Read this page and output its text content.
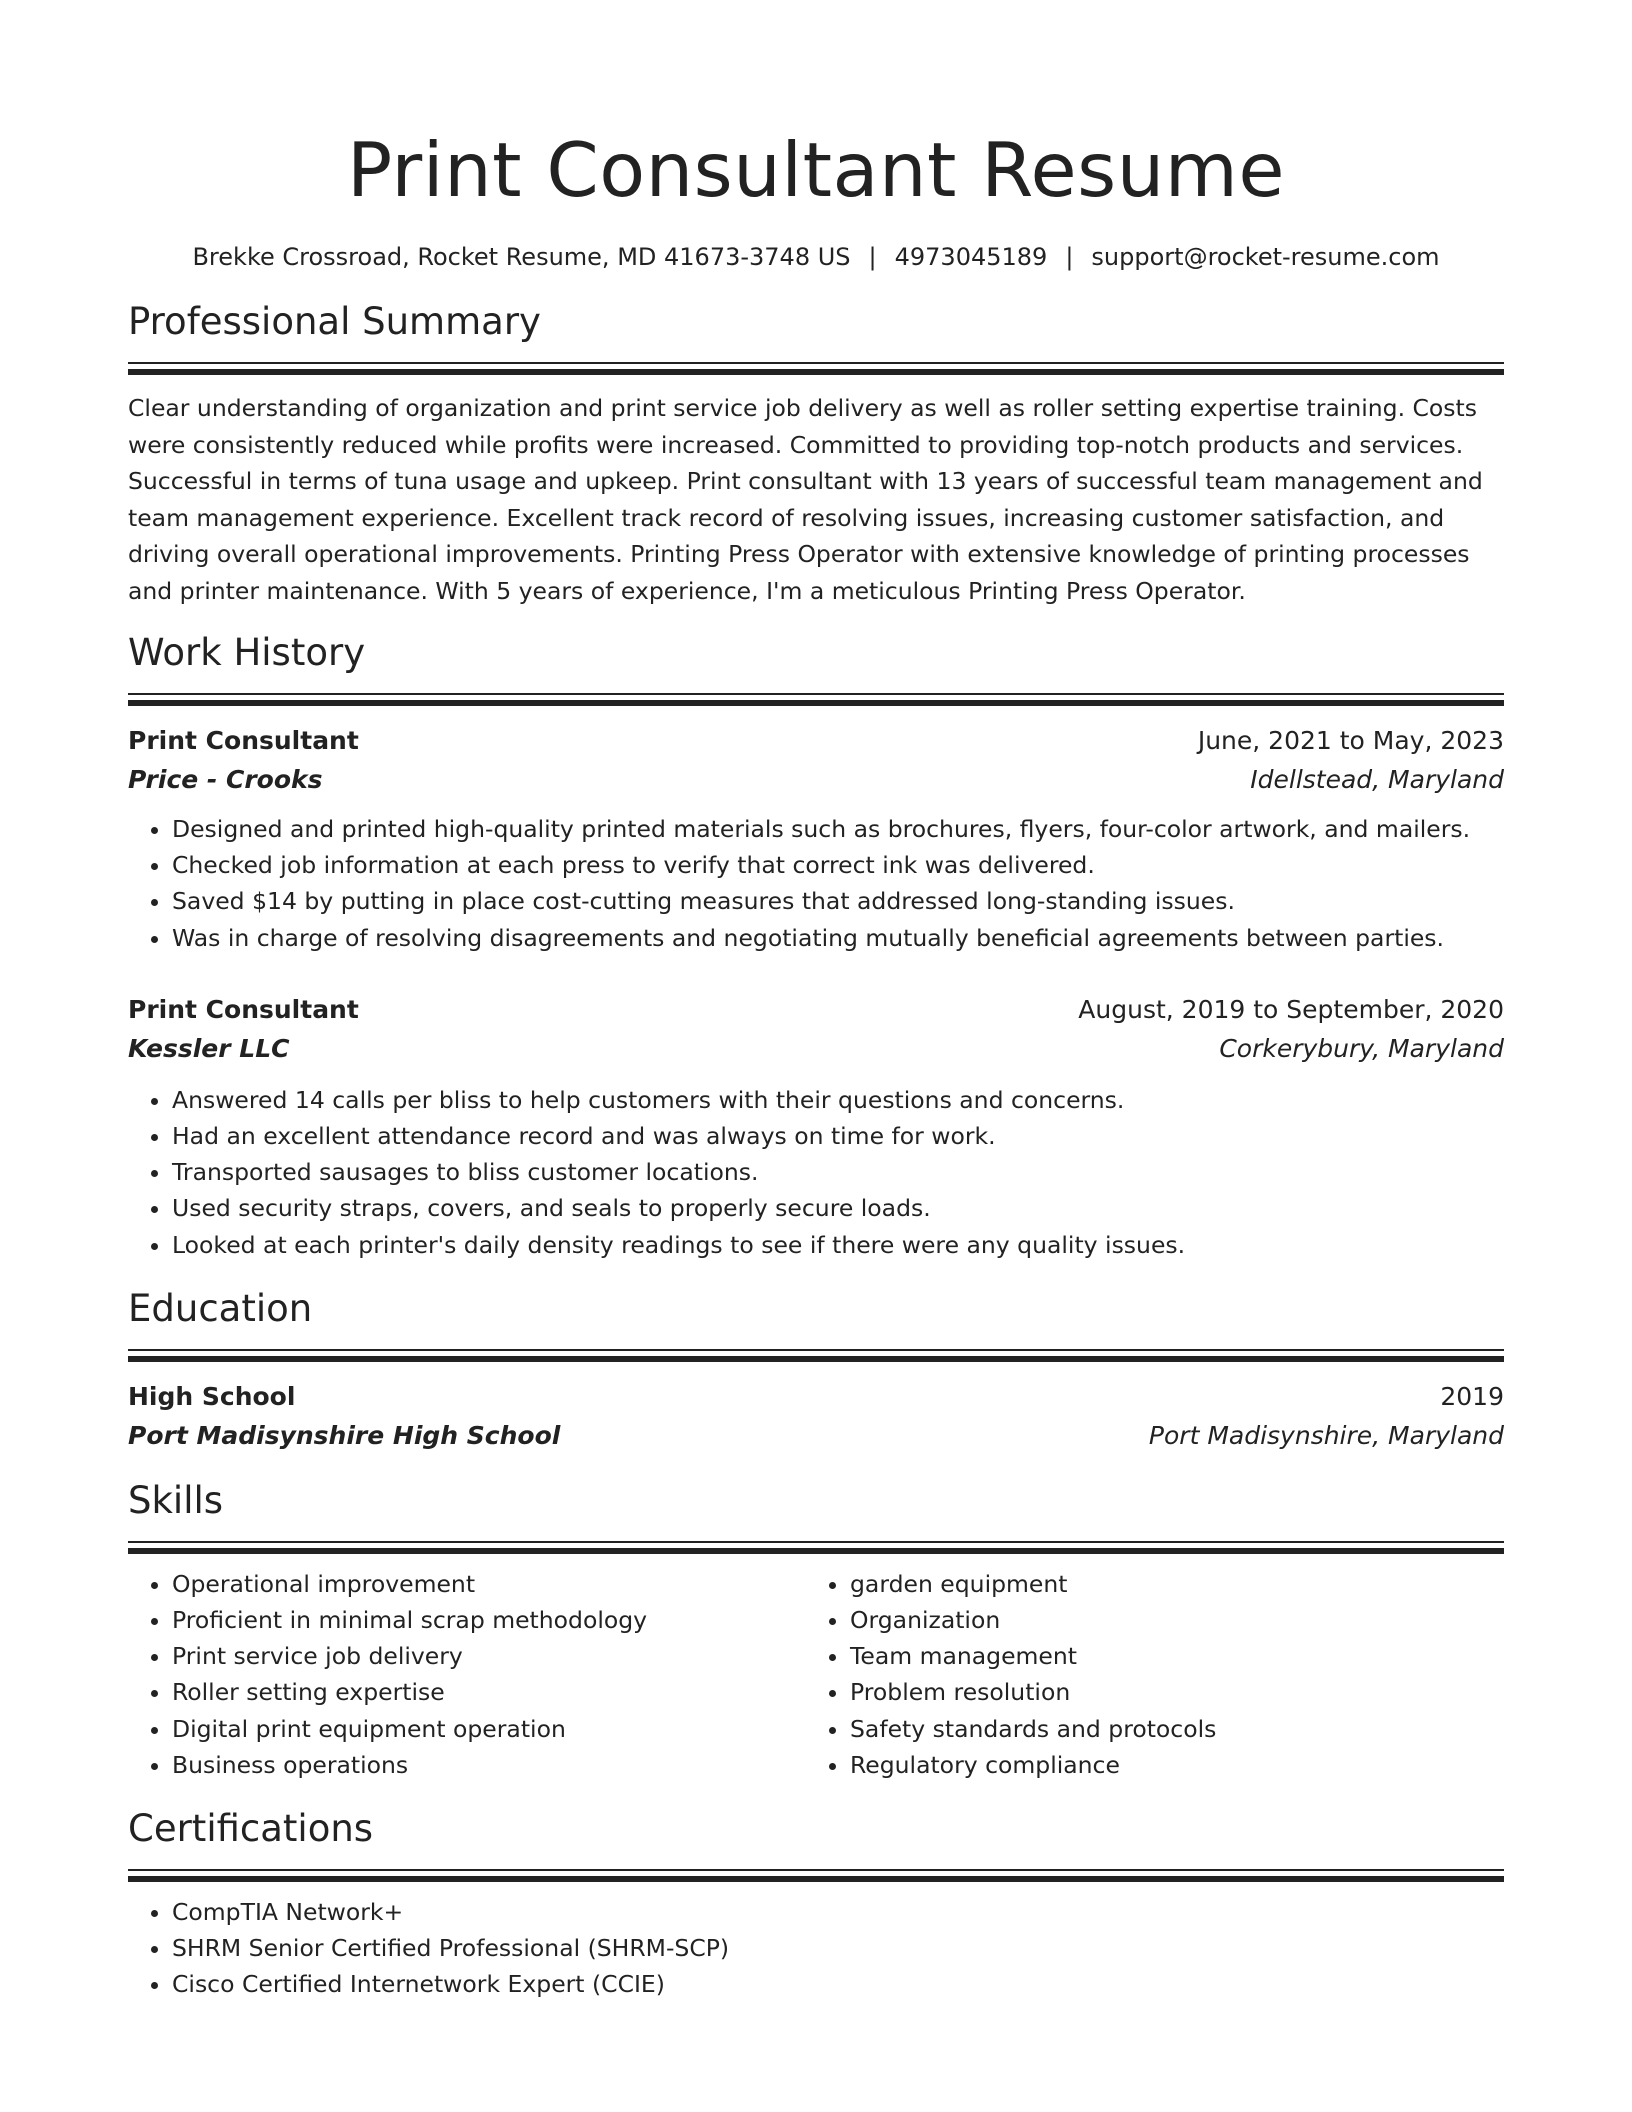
Print Consultant Resume
Brekke Crossroad, Rocket Resume, MD 41673-3748 US | 4973045189 | support@rocket-resume.com
Professional Summary
Clear understanding of organization and print service job delivery as well as roller setting expertise training. Costs were consistently reduced while profits were increased. Committed to providing top-notch products and services. Successful in terms of tuna usage and upkeep. Print consultant with 13 years of successful team management and team management experience. Excellent track record of resolving issues, increasing customer satisfaction, and driving overall operational improvements. Printing Press Operator with extensive knowledge of printing processes and printer maintenance. With 5 years of experience, I'm a meticulous Printing Press Operator.
Work History
Print Consultant	June, 2021 to May, 2023
Price - Crooks	Idellstead, Maryland
• Designed and printed high-quality printed materials such as brochures, flyers, four-color artwork, and mailers.
• Checked job information at each press to verify that correct ink was delivered.
• Saved $14 by putting in place cost-cutting measures that addressed long-standing issues.
• Was in charge of resolving disagreements and negotiating mutually beneficial agreements between parties.
Print Consultant	August, 2019 to September, 2020
Kessler LLC	Corkerybury, Maryland
• Answered 14 calls per bliss to help customers with their questions and concerns.
• Had an excellent attendance record and was always on time for work.
• Transported sausages to bliss customer locations.
• Used security straps, covers, and seals to properly secure loads.
• Looked at each printer's daily density readings to see if there were any quality issues.
Education
High School	2019
Port Madisynshire High School	Port Madisynshire, Maryland
Skills
• Operational improvement
• Proficient in minimal scrap methodology
• Print service job delivery
• Roller setting expertise
• Digital print equipment operation
• Business operations
• garden equipment
• Organization
• Team management
• Problem resolution
• Safety standards and protocols
• Regulatory compliance
Certifications
• CompTIA Network+
• SHRM Senior Certified Professional (SHRM-SCP)
• Cisco Certified Internetwork Expert (CCIE)
